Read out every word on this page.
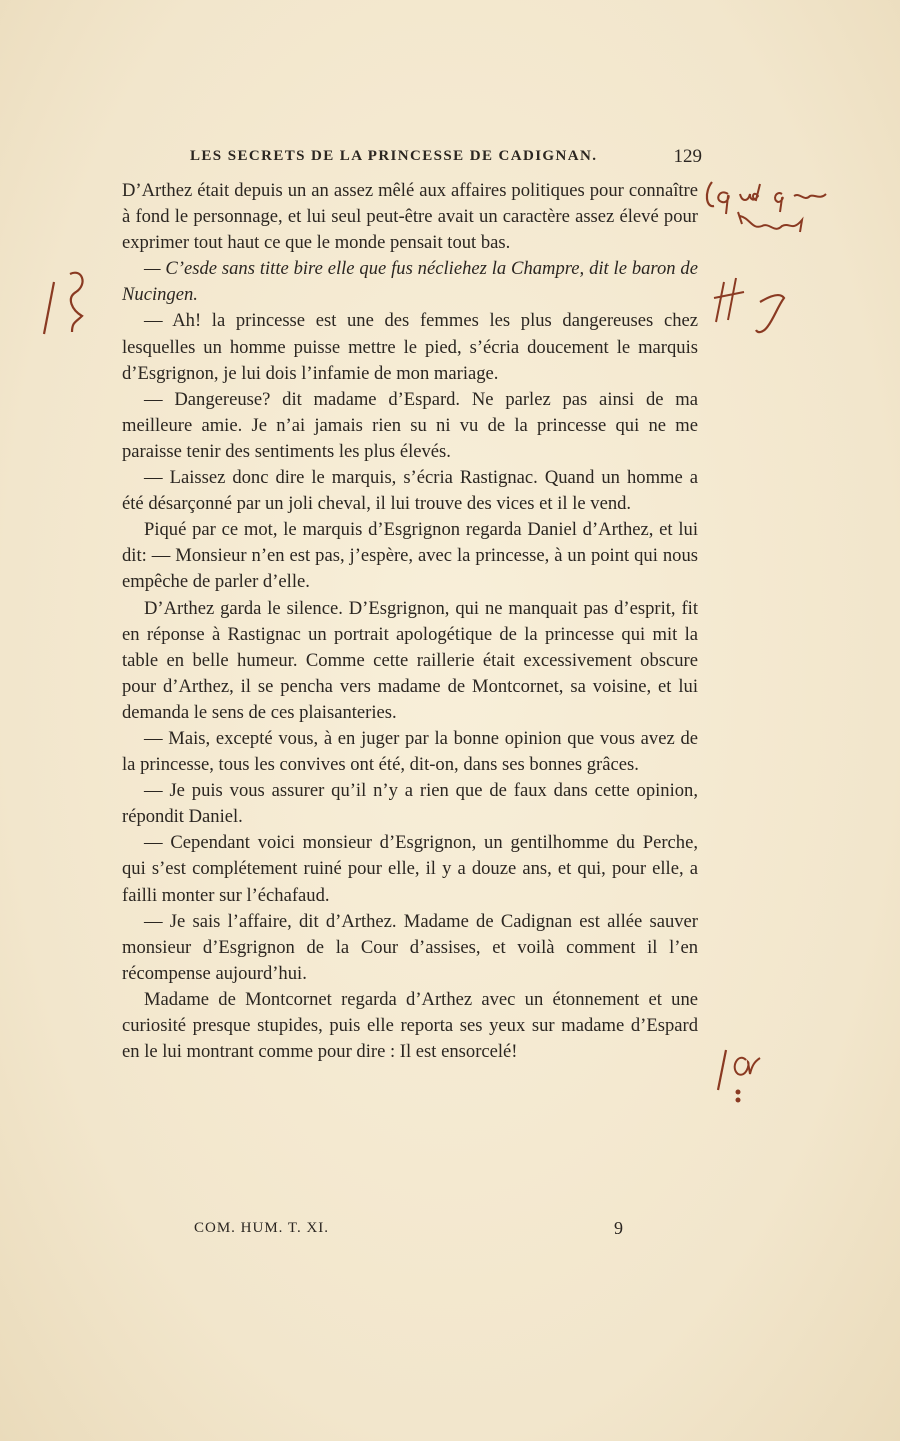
LES SECRETS DE LA PRINCESSE DE CADIGNAN.	129

D’Arthez était depuis un an assez mêlé aux affaires politiques pour connaître à fond le personnage, et lui seul peut-être avait un caractère assez élevé pour exprimer tout haut ce que le monde pensait tout bas.

— C’esde sans titte bire elle que fus nécliehez la Champre, dit le baron de Nucingen.

— Ah! la princesse est une des femmes les plus dangereuses chez lesquelles un homme puisse mettre le pied, s’écria doucement le marquis d’Esgrignon, je lui dois l’infamie de mon mariage.

— Dangereuse? dit madame d’Espard. Ne parlez pas ainsi de ma meilleure amie. Je n’ai jamais rien su ni vu de la princesse qui ne me paraisse tenir des sentiments les plus élevés.

— Laissez donc dire le marquis, s’écria Rastignac. Quand un homme a été désarçonné par un joli cheval, il lui trouve des vices et il le vend.

Piqué par ce mot, le marquis d’Esgrignon regarda Daniel d’Arthez, et lui dit: — Monsieur n’en est pas, j’espère, avec la princesse, à un point qui nous empêche de parler d’elle.

D’Arthez garda le silence. D’Esgrignon, qui ne manquait pas d’esprit, fit en réponse à Rastignac un portrait apologétique de la princesse qui mit la table en belle humeur. Comme cette raillerie était excessivement obscure pour d’Arthez, il se pencha vers madame de Montcornet, sa voisine, et lui demanda le sens de ces plaisanteries.

— Mais, excepté vous, à en juger par la bonne opinion que vous avez de la princesse, tous les convives ont été, dit-on, dans ses bonnes grâces.

— Je puis vous assurer qu’il n’y a rien que de faux dans cette opinion, répondit Daniel.

— Cependant voici monsieur d’Esgrignon, un gentilhomme du Perche, qui s’est complétement ruiné pour elle, il y a douze ans, et qui, pour elle, a failli monter sur l’échafaud.

— Je sais l’affaire, dit d’Arthez. Madame de Cadignan est allée sauver monsieur d’Esgrignon de la Cour d’assises, et voilà comment il l’en récompense aujourd’hui.

Madame de Montcornet regarda d’Arthez avec un étonnement et une curiosité presque stupides, puis elle reporta ses yeux sur madame d’Espard en le lui montrant comme pour dire : Il est ensorcelé!

COM. HUM. T. XI.	9
